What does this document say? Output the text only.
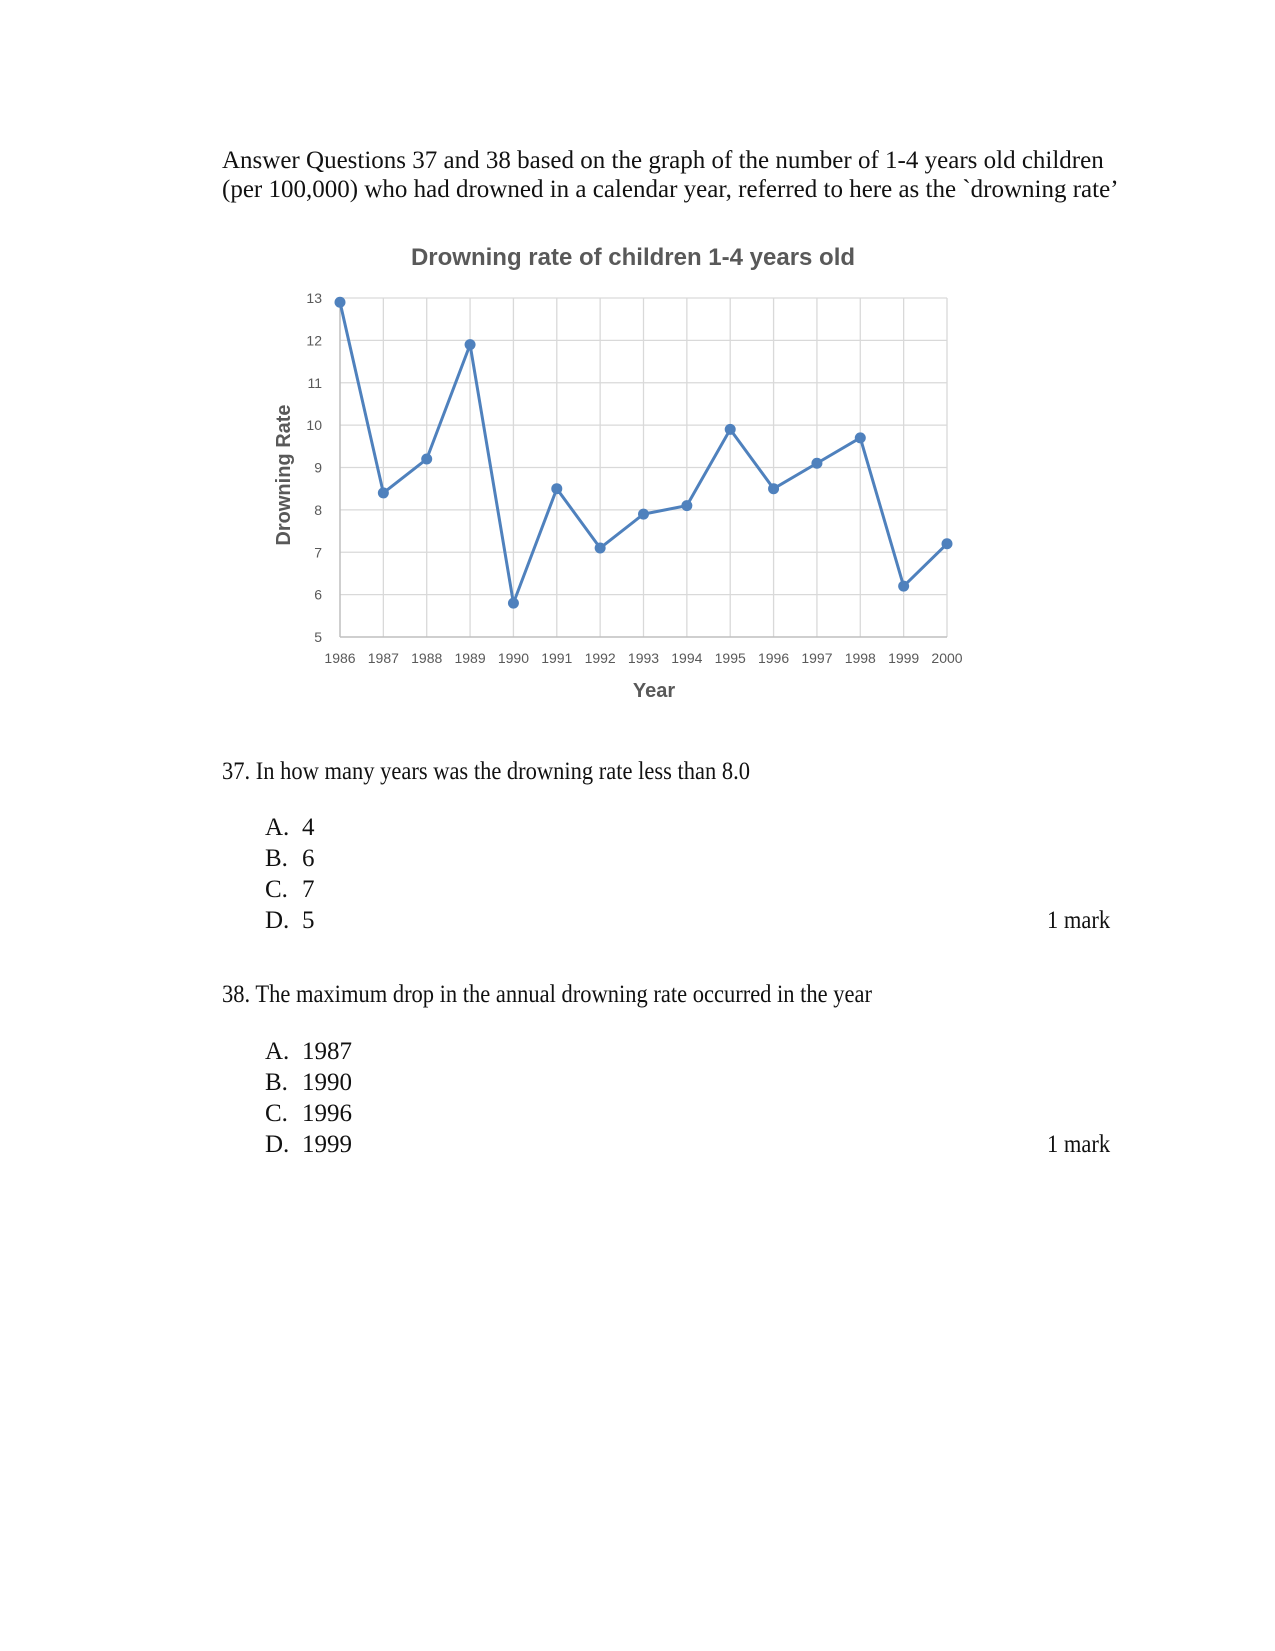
Answer Questions 37 and 38 based on the graph of the number of 1-4 years old children
(per 100,000) who had drowned in a calendar year, referred to here as the `drowning rate’
Drowning rate of children 1-4 years old
5
6
7
8
9
10
11
12
13
1986 1987 1988 1989 1990 1991 1992 1993 1994 1995 1996 1997 1998 1999 2000
Year
Drowning Rate
37. In how many years was the drowning rate less than 8.0
A. 4
B. 6
C. 7
D. 5	1 mark
38. The maximum drop in the annual drowning rate occurred in the year
A. 1987
B. 1990
C. 1996
D. 1999	1 mark
